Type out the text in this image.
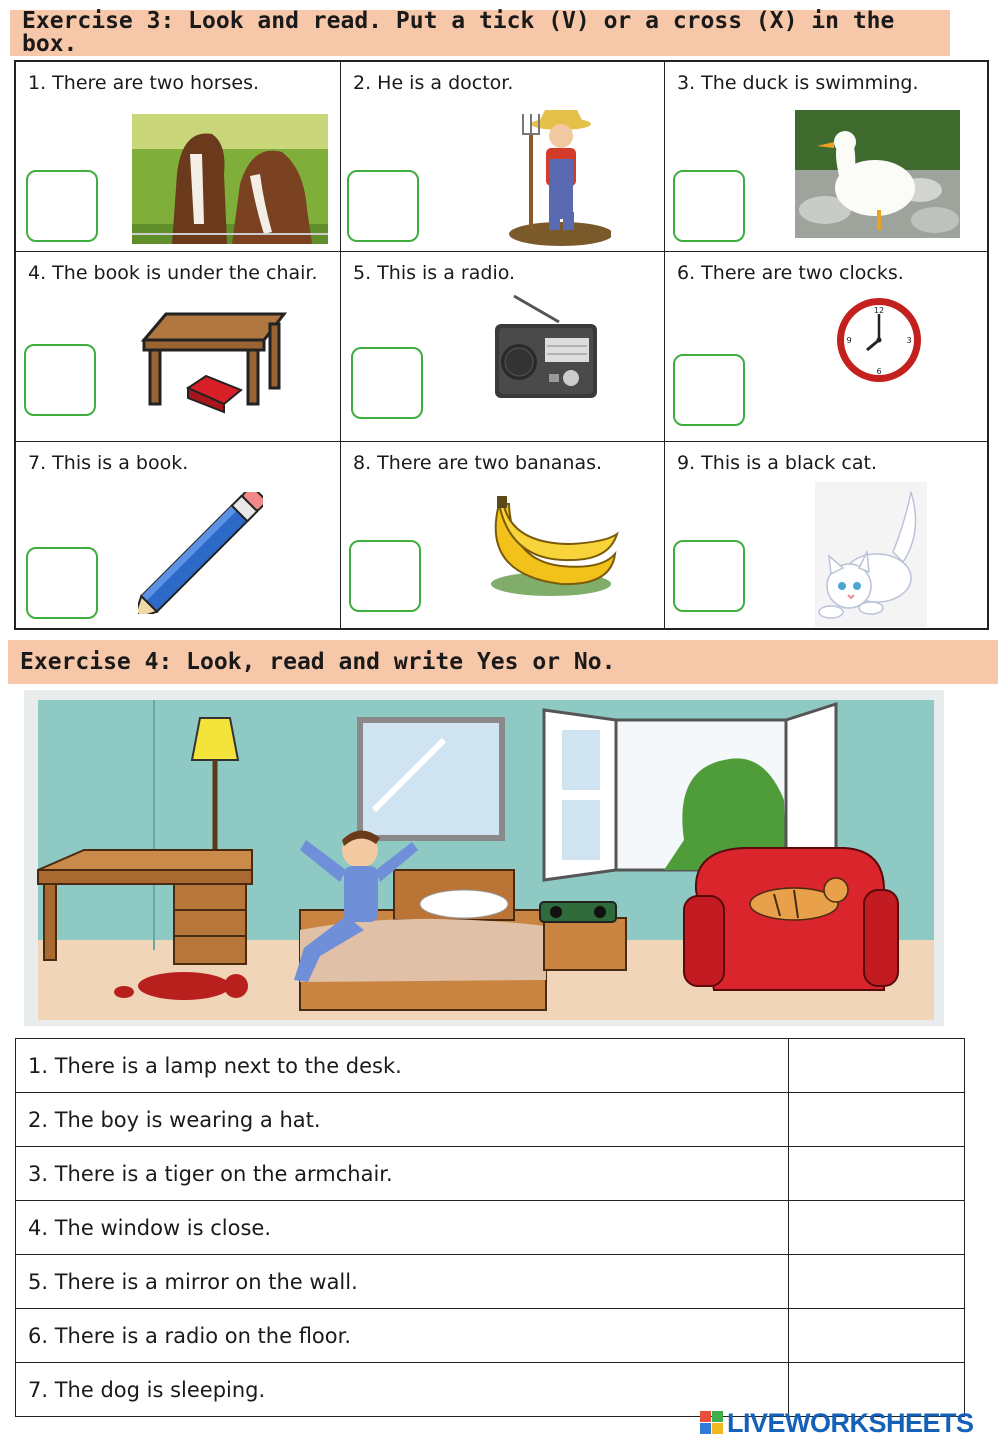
Exercise 3: Look and read. Put a tick (V) or a cross (X) in the box.
1. There are two horses.	2. He is a doctor.	3. The duck is swimming.
4. The book is under the chair.	5. This is a radio.	6. There are two clocks.
12
6
3
9
7. This is a book.	8. There are two bananas.	9. This is a black cat.
Exercise 4: Look, read and write Yes or No.
1. There is a lamp next to the desk.	
2. The boy is wearing a hat.	
3. There is a tiger on the armchair.	
4. The window is close.	
5. There is a mirror on the wall.	
6. There is a radio on the floor.	
7. The dog is sleeping.	
LIVEWORKSHEETS
